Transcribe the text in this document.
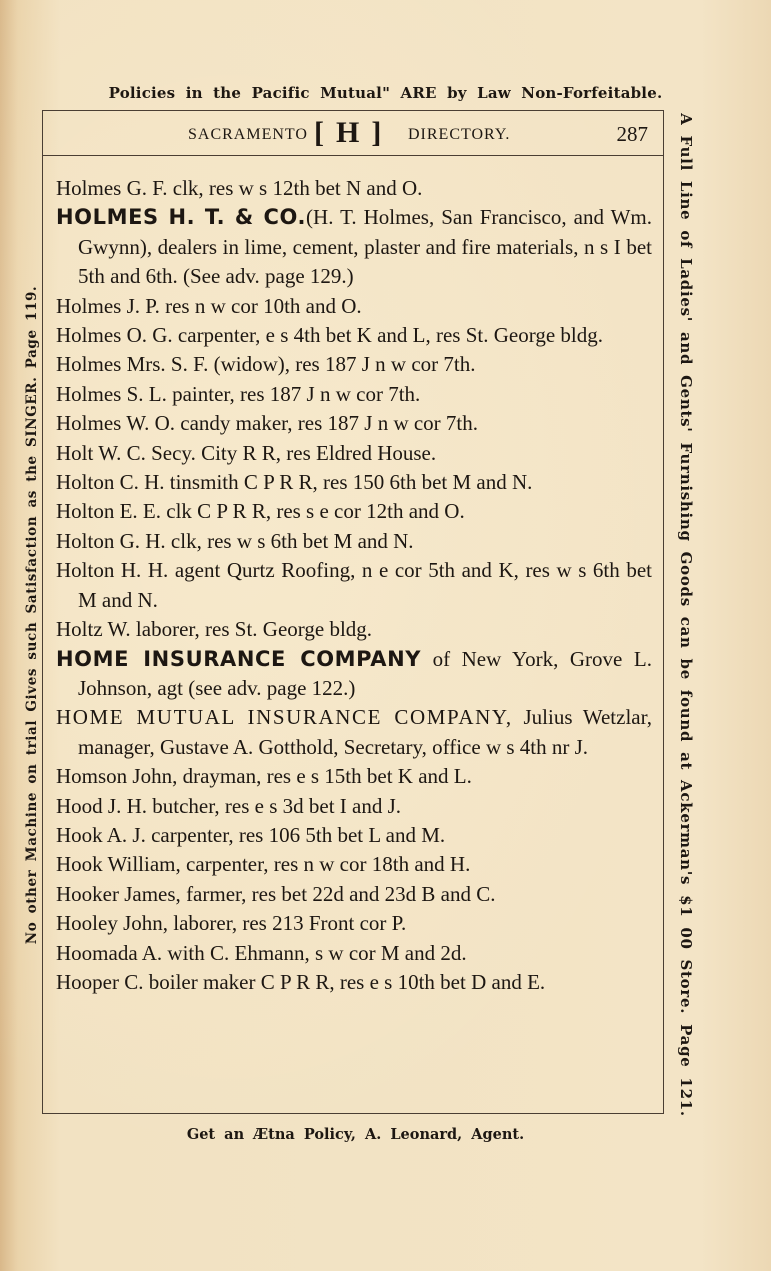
Policies in the Pacific Mutual" ARE by Law Non-Forfeitable.
SACRAMENTO [H] DIRECTORY.	287
No other Machine on trial Gives such Satisfaction as the SINGER. Page 119.	A Full Line of Ladies' and Gents' Furnishing Goods can be found at Ackerman's $1 00 Store. Page 121.

Holmes G. F. clk, res w s 12th bet N and O.

HOLMES H. T. & CO.(H. T. Holmes, San Francisco, and Wm. Gwynn), dealers in lime, cement, plaster and fire materials, n s I bet 5th and 6th. (See adv. page 129.)

Holmes J. P. res n w cor 10th and O.

Holmes O. G. carpenter, e s 4th bet K and L, res St. George bldg.

Holmes Mrs. S. F. (widow), res 187 J n w cor 7th.

Holmes S. L. painter, res 187 J n w cor 7th.

Holmes W. O. candy maker, res 187 J n w cor 7th.

Holt W. C. Secy. City R R, res Eldred House.

Holton C. H. tinsmith C P R R, res 150 6th bet M and N.

Holton E. E. clk C P R R, res s e cor 12th and O.

Holton G. H. clk, res w s 6th bet M and N.

Holton H. H. agent Qurtz Roofing, n e cor 5th and K, res w s 6th bet M and N.

Holtz W. laborer, res St. George bldg.

HOME INSURANCE COMPANY of New York, Grove L. Johnson, agt (see adv. page 122.)

HOME MUTUAL INSURANCE COMPANY, Julius Wetzlar, manager, Gustave A. Gotthold, Secretary, office w s 4th nr J.

Homson John, drayman, res e s 15th bet K and L.

Hood J. H. butcher, res e s 3d bet I and J.

Hook A. J. carpenter, res 106 5th bet L and M.

Hook William, carpenter, res n w cor 18th and H.

Hooker James, farmer, res bet 22d and 23d B and C.

Hooley John, laborer, res 213 Front cor P.

Hoomada A. with C. Ehmann, s w cor M and 2d.

Hooper C. boiler maker C P R R, res e s 10th bet D and E.

Get an Ætna Policy, A. Leonard, Agent.
